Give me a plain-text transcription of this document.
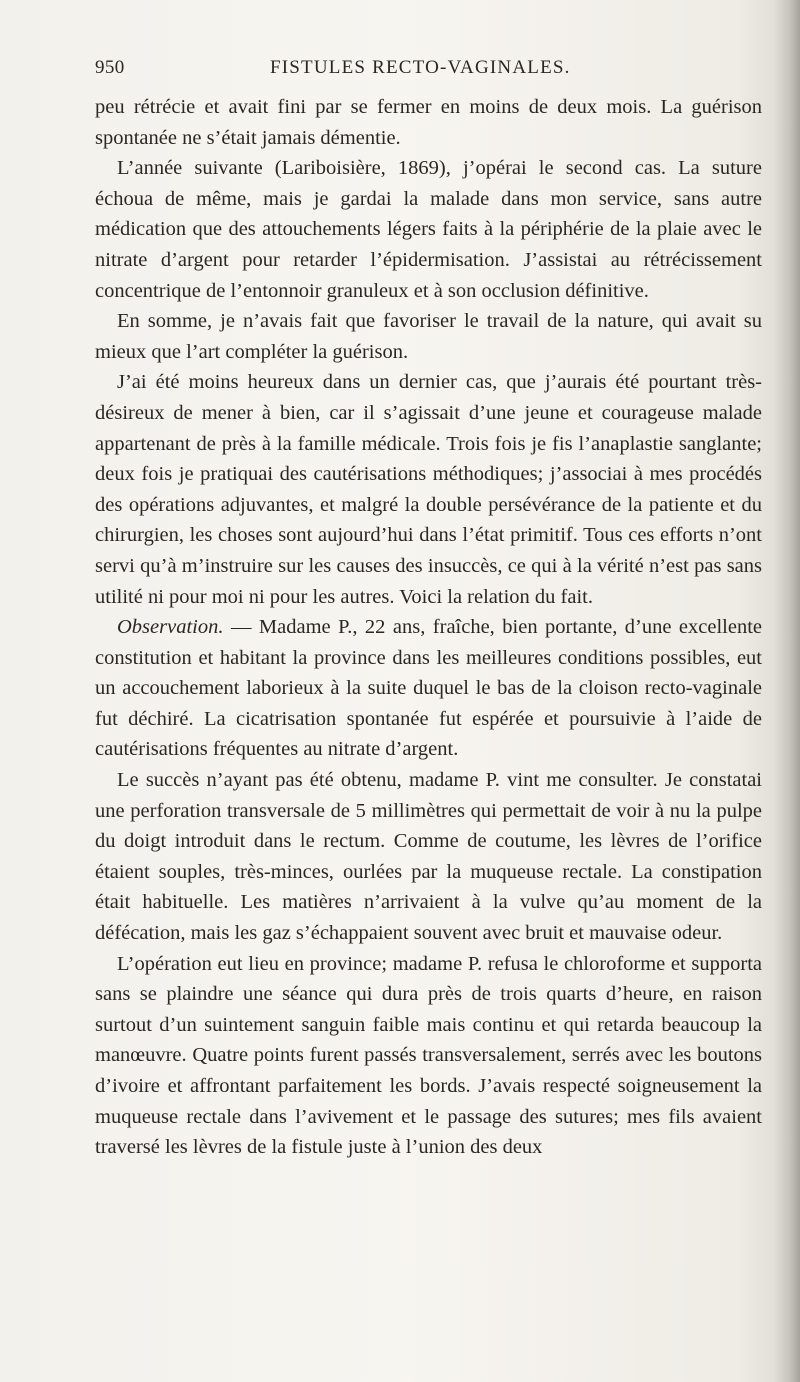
950	FISTULES RECTO-VAGINALES.

peu rétrécie et avait fini par se fermer en moins de deux mois. La guérison spontanée ne s’était jamais démentie.

L’année suivante (Lariboisière, 1869), j’opérai le second cas. La suture échoua de même, mais je gardai la malade dans mon service, sans autre médication que des attouchements légers faits à la périphérie de la plaie avec le nitrate d’argent pour retarder l’épidermisation. J’assistai au rétrécissement concentrique de l’entonnoir granuleux et à son occlusion définitive.

En somme, je n’avais fait que favoriser le travail de la nature, qui avait su mieux que l’art compléter la guérison.

J’ai été moins heureux dans un dernier cas, que j’aurais été pourtant très-désireux de mener à bien, car il s’agissait d’une jeune et courageuse malade appartenant de près à la famille médicale. Trois fois je fis l’anaplastie sanglante; deux fois je pratiquai des cautérisations méthodiques; j’associai à mes procédés des opérations adjuvantes, et malgré la double persévérance de la patiente et du chirurgien, les choses sont aujourd’hui dans l’état primitif. Tous ces efforts n’ont servi qu’à m’instruire sur les causes des insuccès, ce qui à la vérité n’est pas sans utilité ni pour moi ni pour les autres. Voici la relation du fait.

Observation. — Madame P., 22 ans, fraîche, bien portante, d’une excellente constitution et habitant la province dans les meilleures conditions possibles, eut un accouchement laborieux à la suite duquel le bas de la cloison recto-vaginale fut déchiré. La cicatrisation spontanée fut espérée et poursuivie à l’aide de cautérisations fréquentes au nitrate d’argent.

Le succès n’ayant pas été obtenu, madame P. vint me consulter. Je constatai une perforation transversale de 5 millimètres qui permettait de voir à nu la pulpe du doigt introduit dans le rectum. Comme de coutume, les lèvres de l’orifice étaient souples, très-minces, ourlées par la muqueuse rectale. La constipation était habituelle. Les matières n’arrivaient à la vulve qu’au moment de la défécation, mais les gaz s’échappaient souvent avec bruit et mauvaise odeur.

L’opération eut lieu en province; madame P. refusa le chloroforme et supporta sans se plaindre une séance qui dura près de trois quarts d’heure, en raison surtout d’un suintement sanguin faible mais continu et qui retarda beaucoup la manœuvre. Quatre points furent passés transversalement, serrés avec les boutons d’ivoire et affrontant parfaitement les bords. J’avais respecté soigneusement la muqueuse rectale dans l’avivement et le passage des sutures; mes fils avaient traversé les lèvres de la fistule juste à l’union des deux
